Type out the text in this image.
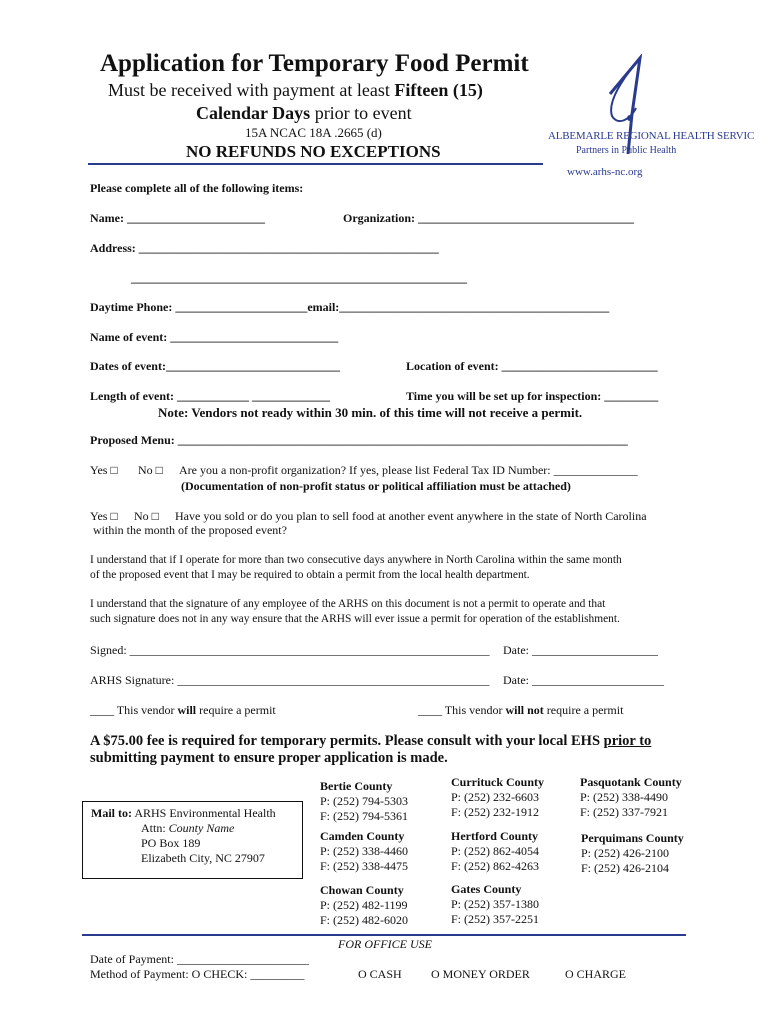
Application for Temporary Food Permit
Must be received with payment at least Fifteen (15)
Calendar Days prior to event
15A NCAC 18A .2665 (d)
NO REFUNDS NO EXCEPTIONS
ALBEMARLE REGIONAL HEALTH SERVIC
Partners in Public Health
www.arhs-nc.org
Please complete all of the following items:
Name: _______________________	Organization: ____________________________________
Address: __________________________________________________
________________________________________________________
Daytime Phone: ______________________email:_____________________________________________
Name of event: ____________________________
Dates of event:_____________________________	Location of event: __________________________
Length of event: ____________ _____________	Time you will be set up for inspection: _________
Note: Vendors not ready within 30 min. of this time will not receive a permit.
Proposed Menu: ___________________________________________________________________________
Yes □ No □ Are you a non-profit organization? If yes, please list Federal Tax ID Number: ______________
(Documentation of non-profit status or political affiliation must be attached)
Yes □ No □ Have you sold or do you plan to sell food at another event anywhere in the state of North Carolina
within the month of the proposed event?
I understand that if I operate for more than two consecutive days anywhere in North Carolina within the same month
of the proposed event that I may be required to obtain a permit from the local health department.
I understand that the signature of any employee of the ARHS on this document is not a permit to operate and that
such signature does not in any way ensure that the ARHS will ever issue a permit for operation of the establishment.
Signed: ____________________________________________________________ Date: _____________________
ARHS Signature: ____________________________________________________ Date: ______________________
____ This vendor will require a permit	____ This vendor will not require a permit
A $75.00 fee is required for temporary permits. Please consult with your local EHS prior to
submitting payment to ensure proper application is made.
Mail to: ARHS Environmental Health
Attn: County Name
PO Box 189
Elizabeth City, NC 27907
Bertie County
P: (252) 794-5303
F: (252) 794-5361
Camden County
P: (252) 338-4460
F: (252) 338-4475
Chowan County
P: (252) 482-1199
F: (252) 482-6020
Currituck County
P: (252) 232-6603
F: (252) 232-1912
Hertford County
P: (252) 862-4054
F: (252) 862-4263
Gates County
P: (252) 357-1380
F: (252) 357-2251
Pasquotank County
P: (252) 338-4490
F: (252) 337-7921
Perquimans County
P: (252) 426-2100
F: (252) 426-2104
FOR OFFICE USE
Date of Payment: ______________________
Method of Payment: O CHECK: _________	O CASH O MONEY ORDER	O CHARGE
